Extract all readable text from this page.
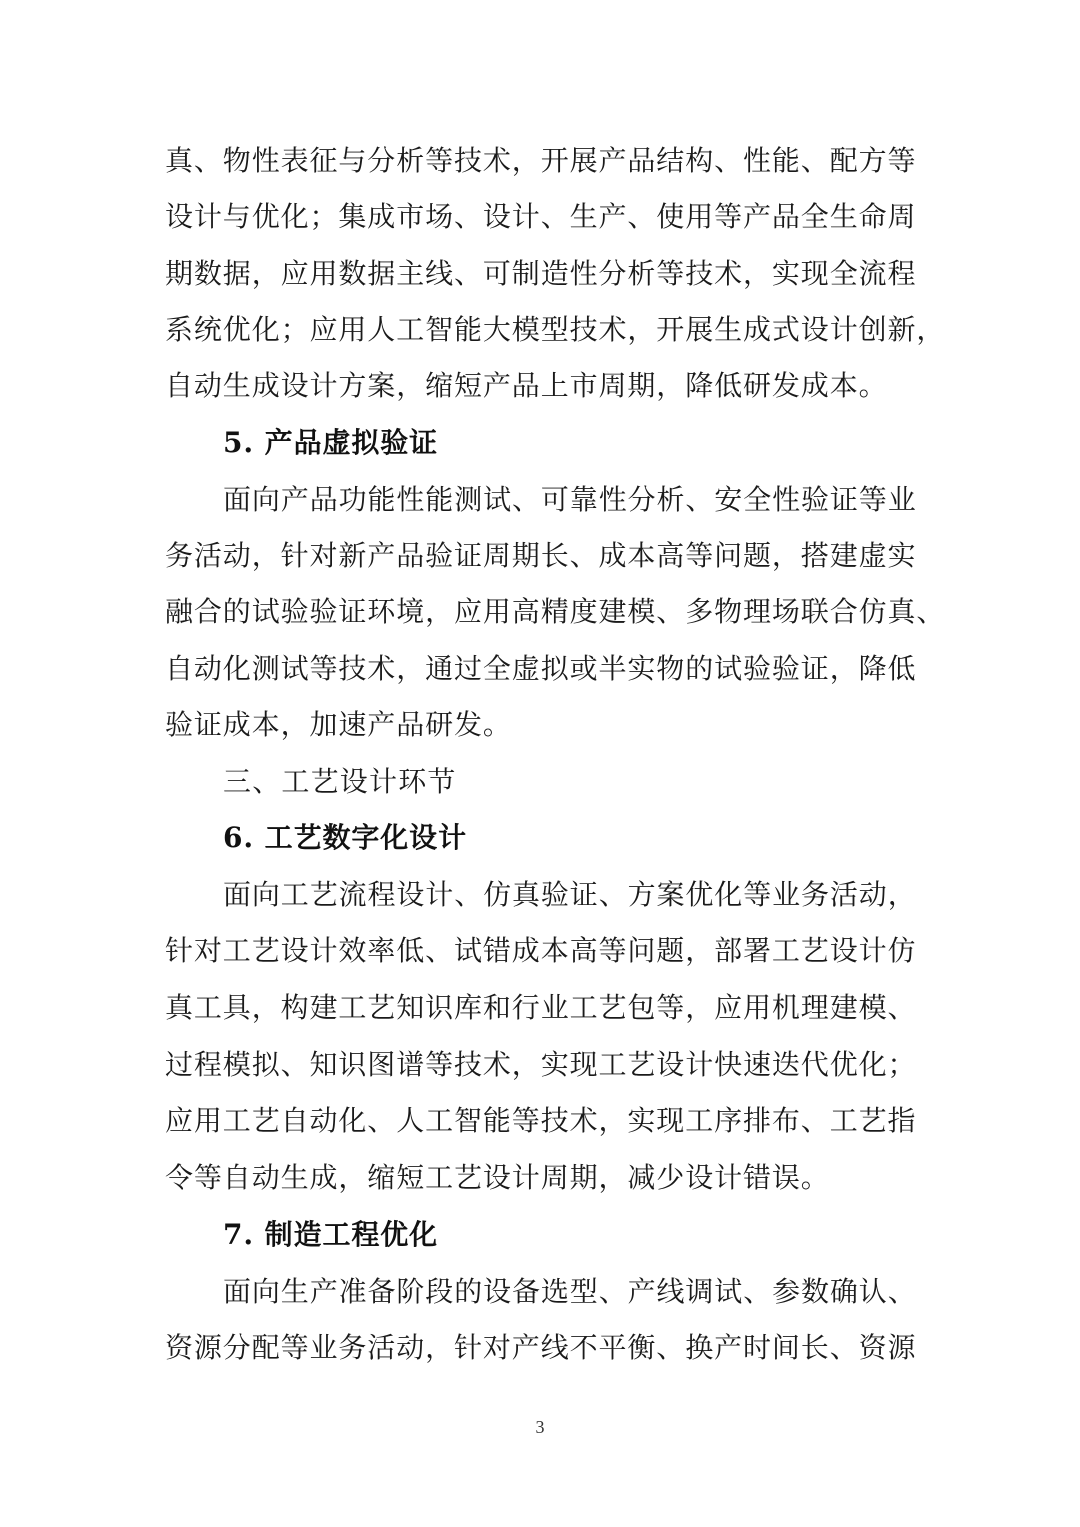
真、物性表征与分析等技术，开展产品结构、性能、配方等
设计与优化；集成市场、设计、生产、使用等产品全生命周
期数据，应用数据主线、可制造性分析等技术，实现全流程
系统优化；应用人工智能大模型技术，开展生成式设计创新，
自动生成设计方案，缩短产品上市周期，降低研发成本。
5. 产品虚拟验证
面向产品功能性能测试、可靠性分析、安全性验证等业
务活动，针对新产品验证周期长、成本高等问题，搭建虚实
融合的试验验证环境，应用高精度建模、多物理场联合仿真、
自动化测试等技术，通过全虚拟或半实物的试验验证，降低
验证成本，加速产品研发。
三、工艺设计环节
6. 工艺数字化设计
面向工艺流程设计、仿真验证、方案优化等业务活动，
针对工艺设计效率低、试错成本高等问题，部署工艺设计仿
真工具，构建工艺知识库和行业工艺包等，应用机理建模、
过程模拟、知识图谱等技术，实现工艺设计快速迭代优化；
应用工艺自动化、人工智能等技术，实现工序排布、工艺指
令等自动生成，缩短工艺设计周期，减少设计错误。
7. 制造工程优化
面向生产准备阶段的设备选型、产线调试、参数确认、
资源分配等业务活动，针对产线不平衡、换产时间长、资源
3
